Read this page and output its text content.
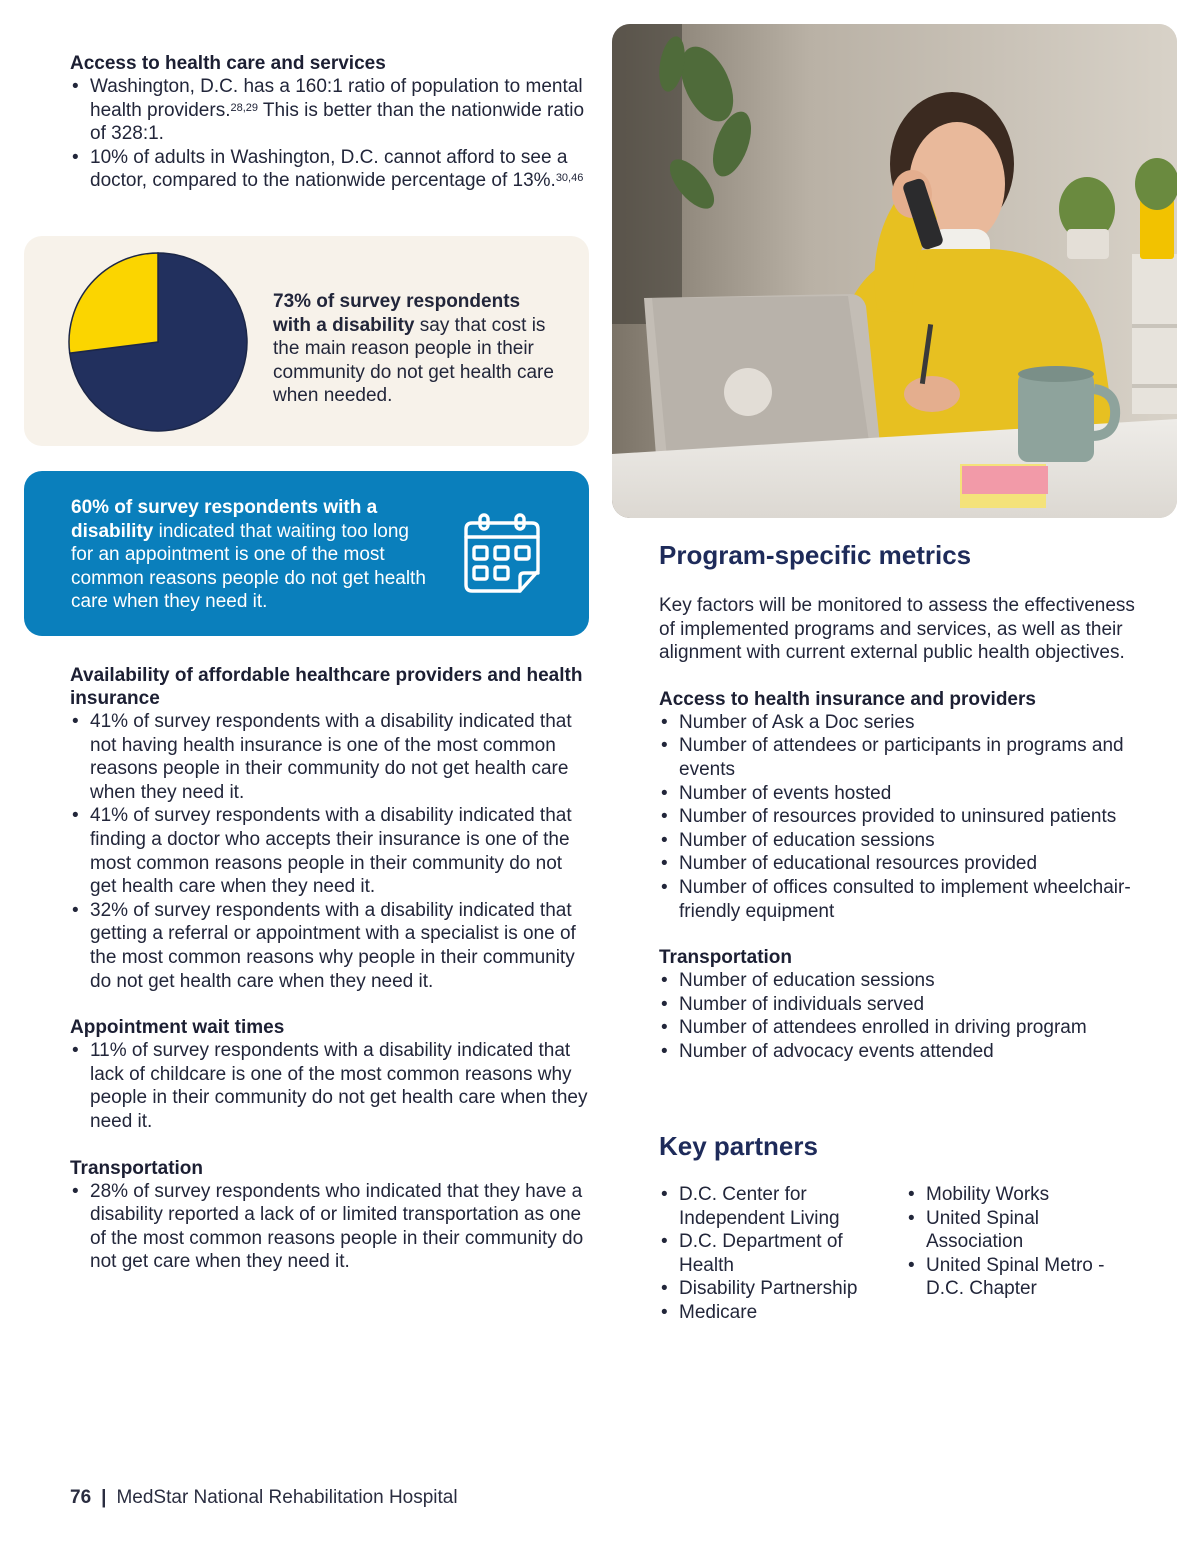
Access to health care and services
• Washington, D.C. has a 160:1 ratio of population to mental health providers.$^{28,29}$ This is better than the nationwide ratio of 328:1.
• 10% of adults in Washington, D.C. cannot afford to see a doctor, compared to the nationwide percentage of 13%.$^{30,46}$
73% of survey respondents with a disability say that cost is the main reason people in their community do not get health care when needed.
60% of survey respondents with a disability indicated that waiting too long for an appointment is one of the most common reasons people do not get health care when they need it.
Availability of affordable healthcare providers and health insurance
• 41% of survey respondents with a disability indicated that not having health insurance is one of the most common reasons people in their community do not get health care when they need it.
• 41% of survey respondents with a disability indicated that finding a doctor who accepts their insurance is one of the most common reasons people in their community do not get health care when they need it.
• 32% of survey respondents with a disability indicated that getting a referral or appointment with a specialist is one of the most common reasons why people in their community do not get health care when they need it.
Appointment wait times
• 11% of survey respondents with a disability indicated that lack of childcare is one of the most common reasons why people in their community do not get health care when they need it.
Transportation
• 28% of survey respondents who indicated that they have a disability reported a lack of or limited transportation as one of the most common reasons people in their community do not get care when they need it.
Program-specific metrics

Key factors will be monitored to assess the effectiveness of implemented programs and services, as well as their alignment with current external public health objectives.

Access to health insurance and providers
• Number of Ask a Doc series
• Number of attendees or participants in programs and events
• Number of events hosted
• Number of resources provided to uninsured patients
• Number of education sessions
• Number of educational resources provided
• Number of offices consulted to implement wheelchair-friendly equipment
Transportation
• Number of education sessions
• Number of individuals served
• Number of attendees enrolled in driving program
• Number of advocacy events attended
Key partners
• D.C. Center for Independent Living
• D.C. Department of Health
• Disability Partnership
• Medicare
• Mobility Works
• United Spinal Association
• United Spinal Metro - D.C. Chapter
76 | MedStar National Rehabilitation Hospital
